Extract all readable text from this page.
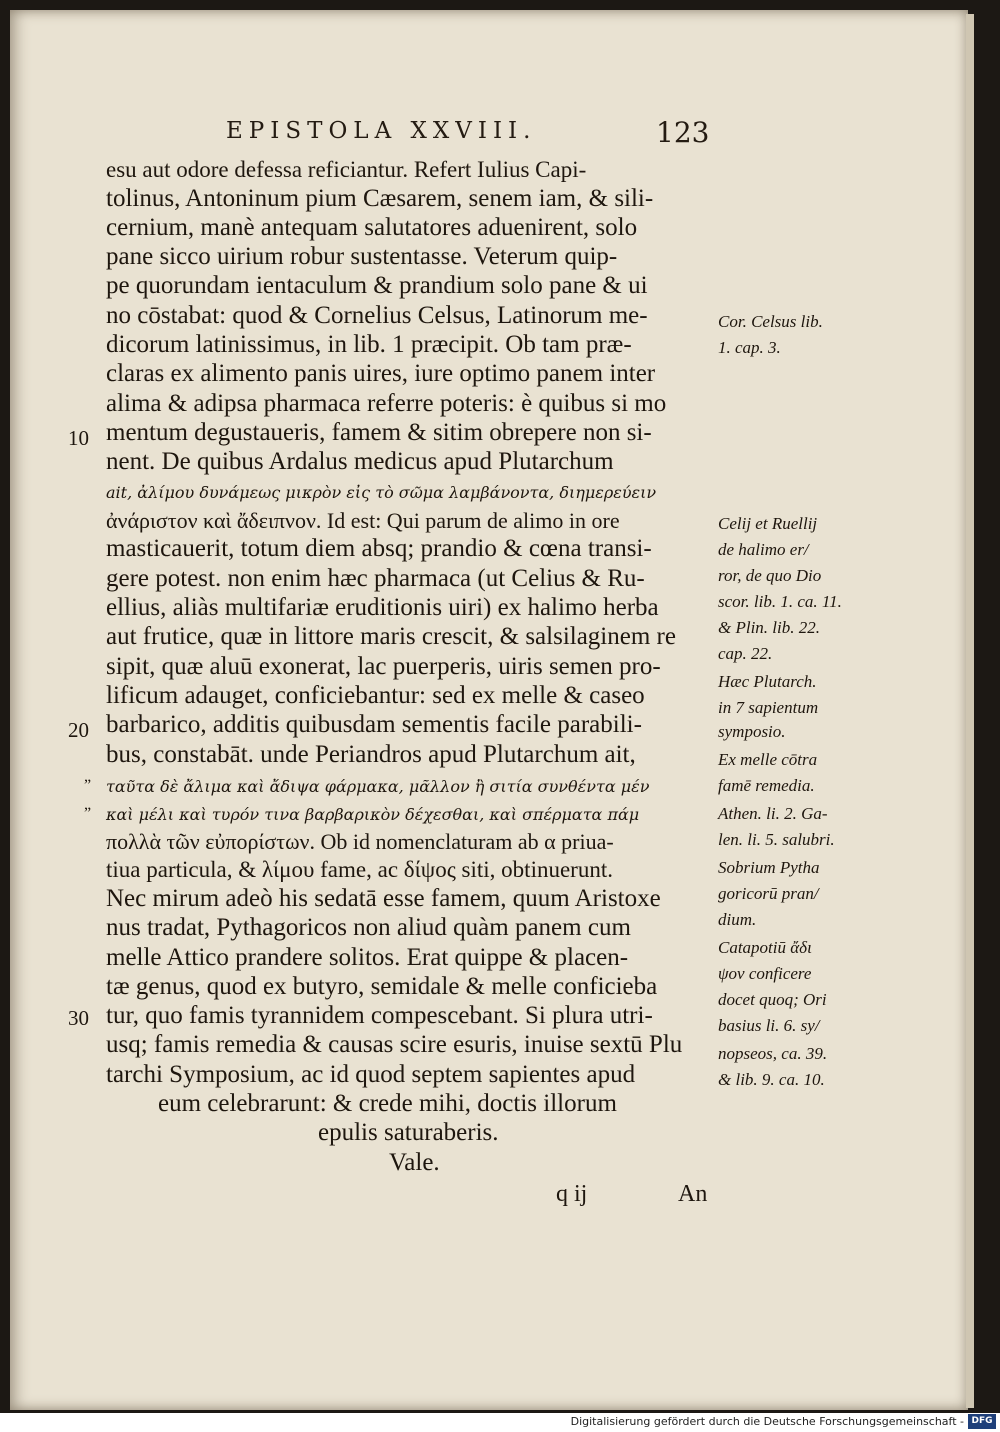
EPISTOLA XXVIII.	123
esu aut odore defessa reficiantur. Refert Iulius Capi-
tolinus, Antoninum pium Cæsarem, senem iam, & sili-
cernium, manè antequam salutatores aduenirent, solo
pane sicco uirium robur sustentasse. Veterum quip-
pe quorundam ientaculum & prandium solo pane & ui
no cōstabat: quod & Cornelius Celsus, Latinorum me-
dicorum latinissimus, in lib. 1 præcipit. Ob tam præ-
claras ex alimento panis uires, iure optimo panem inter
alima & adipsa pharmaca referre poteris: è quibus si mo
mentum degustaueris, famem & sitim obrepere non si-
nent. De quibus Ardalus medicus apud Plutarchum
ait, ἀλίμου δυνάμεως μικρὸν εἰς τὸ σῶμα λαμβάνοντα, διημερεύειν
ἀνάριστον καὶ ἄδειπνον. Id est: Qui parum de alimo in ore
masticauerit, totum diem absq; prandio & cœna transi-
gere potest. non enim hæc pharmaca (ut Celius & Ru-
ellius, aliàs multifariæ eruditionis uiri) ex halimo herba
aut frutice, quæ in littore maris crescit, & salsilaginem re
sipit, quæ aluū exonerat, lac puerperis, uiris semen pro-
lificum adauget, conficiebantur: sed ex melle & caseo
barbarico, additis quibusdam sementis facile parabili-
bus, constabāt. unde Periandros apud Plutarchum ait,
ταῦτα δὲ ἄλιμα καὶ ἄδιψα φάρμακα, μᾶλλον ἢ σιτία συνθέντα μέν
καὶ μέλι καὶ τυρόν τινα βαρβαρικὸν δέχεσθαι, καὶ σπέρματα πάμ
πολλὰ τῶν εὐπορίστων. Ob id nomenclaturam ab α priua-
tiua particula, & λίμου fame, ac δίψος siti, obtinuerunt.
Nec mirum adeò his sedatā esse famem, quum Aristoxe
nus tradat, Pythagoricos non aliud quàm panem cum
melle Attico prandere solitos. Erat quippe & placen-
tæ genus, quod ex butyro, semidale & melle conficieba
tur, quo famis tyrannidem compescebant. Si plura utri-
usq; famis remedia & causas scire esuris, inuise sextū Plu
tarchi Symposium, ac id quod septem sapientes apud
eum celebrarunt: & crede mihi, doctis illorum
epulis saturaberis.
Vale.
10
20
30
”
”
Cor. Celsus lib.
1. cap. 3.
Celij et Ruellij
de halimo er/
ror, de quo Dio
scor. lib. 1. ca. 11.
& Plin. lib. 22.
cap. 22.
Hæc Plutarch.
in 7 sapientum
symposio.
Ex melle cōtra
famē remedia.
Athen. li. 2. Ga-
len. li. 5. salubri.
Sobrium Pytha
goricorū pran/
dium.
Catapotiū ἄδι
ψον conficere
docet quoq; Ori
basius li. 6. sy/
nopseos, ca. 39.
& lib. 9. ca. 10.
q ij	An
Digitalisierung gefördert durch die Deutsche Forschungsgemeinschaft - DFG
